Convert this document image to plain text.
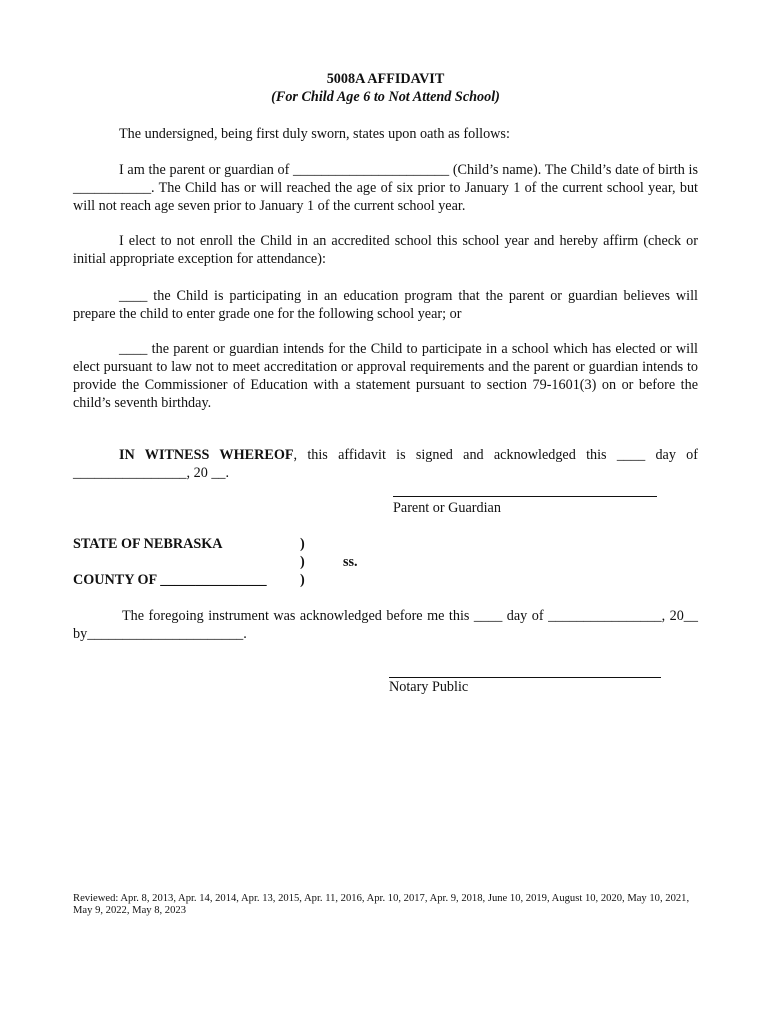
5008A AFFIDAVIT

(For Child Age 6 to Not Attend School)

The undersigned, being first duly sworn, states upon oath as follows:

I am the parent or guardian of ______________________ (Child’s name). The Child’s date of birth is ___________. The Child has or will reached the age of six prior to January 1 of the current school year, but will not reach age seven prior to January 1 of the current school year.

I elect to not enroll the Child in an accredited school this school year and hereby affirm (check or initial appropriate exception for attendance):

____ the Child is participating in an education program that the parent or guardian believes will prepare the child to enter grade one for the following school year; or

____ the parent or guardian intends for the Child to participate in a school which has elected or will elect pursuant to law not to meet accreditation or approval requirements and the parent or guardian intends to provide the Commissioner of Education with a statement pursuant to section 79-1601(3) on or before the child’s seventh birthday.

IN WITNESS WHEREOF, this affidavit is signed and acknowledged this ____ day of ________________, 20 __.

Parent or Guardian
STATE OF NEBRASKA	)
)	ss.
COUNTY OF _______________ )

The foregoing instrument was acknowledged before me this ____ day of ________________, 20__ by______________________.

Notary Public

Reviewed: Apr. 8, 2013, Apr. 14, 2014, Apr. 13, 2015, Apr. 11, 2016, Apr. 10, 2017, Apr. 9, 2018, June 10, 2019, August 10, 2020, May 10, 2021, May 9, 2022, May 8, 2023
